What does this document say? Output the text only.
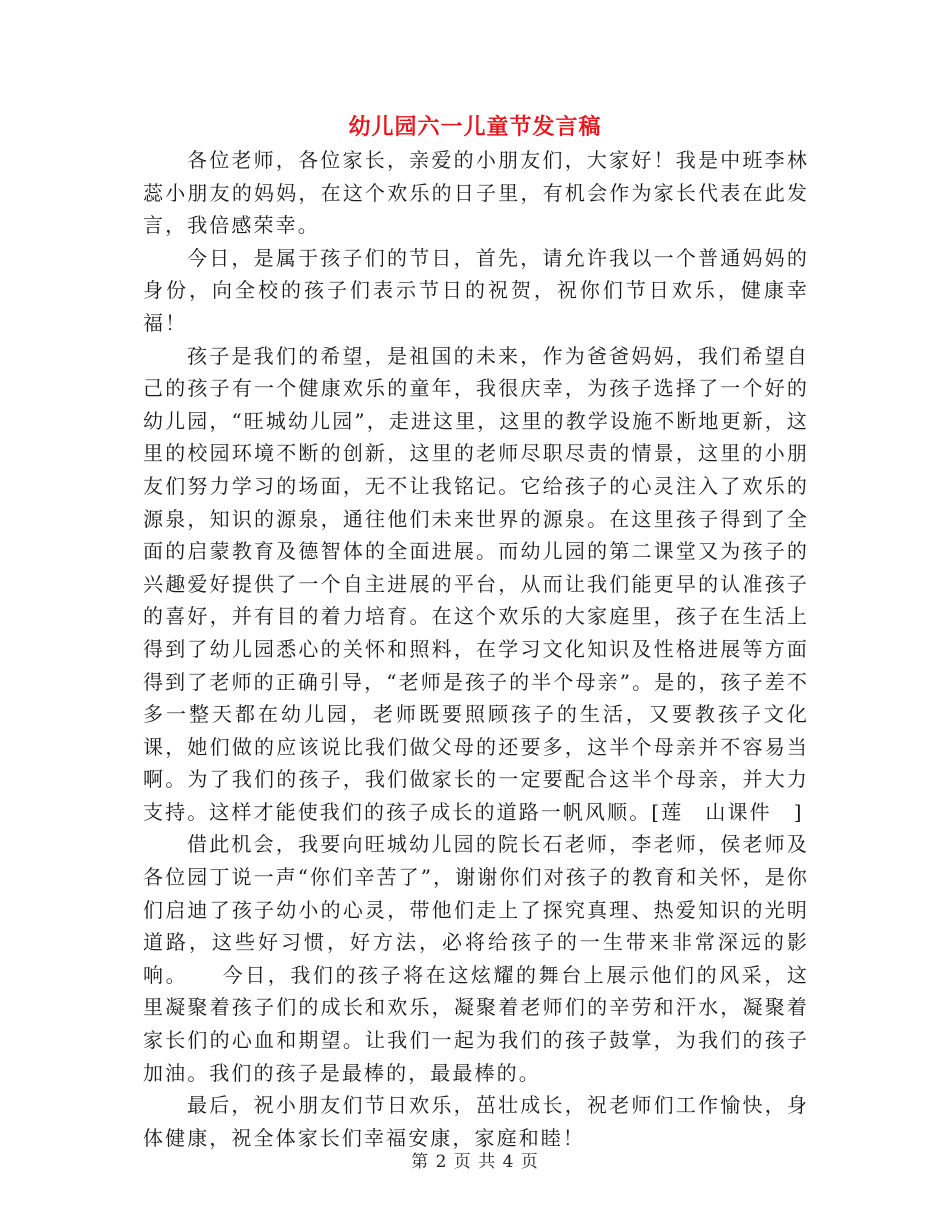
幼儿园六一儿童节发言稿

各位老师，各位家长，亲爱的小朋友们，大家好！我是中班李林蕊小朋友的妈妈，在这个欢乐的日子里，有机会作为家长代表在此发言，我倍感荣幸。

今日，是属于孩子们的节日，首先，请允许我以一个普通妈妈的身份，向全校的孩子们表示节日的祝贺，祝你们节日欢乐，健康幸福！

孩子是我们的希望，是祖国的未来，作为爸爸妈妈，我们希望自己的孩子有一个健康欢乐的童年，我很庆幸，为孩子选择了一个好的幼儿园，“旺城幼儿园”，走进这里，这里的教学设施不断地更新，这里的校园环境不断的创新，这里的老师尽职尽责的情景，这里的小朋友们努力学习的场面，无不让我铭记。它给孩子的心灵注入了欢乐的源泉，知识的源泉，通往他们未来世界的源泉。在这里孩子得到了全面的启蒙教育及德智体的全面进展。而幼儿园的第二课堂又为孩子的兴趣爱好提供了一个自主进展的平台，从而让我们能更早的认准孩子的喜好，并有目的着力培育。在这个欢乐的大家庭里，孩子在生活上得到了幼儿园悉心的关怀和照料，在学习文化知识及性格进展等方面得到了老师的正确引导，“老师是孩子的半个母亲”。是的，孩子差不多一整天都在幼儿园，老师既要照顾孩子的生活，又要教孩子文化课，她们做的应该说比我们做父母的还要多，这半个母亲并不容易当啊。为了我们的孩子，我们做家长的一定要配合这半个母亲，并大力支持。这样才能使我们的孩子成长的道路一帆风顺。[莲　山课件　]

借此机会，我要向旺城幼儿园的院长石老师，李老师，侯老师及各位园丁说一声“你们辛苦了”，谢谢你们对孩子的教育和关怀，是你们启迪了孩子幼小的心灵，带他们走上了探究真理、热爱知识的光明道路，这些好习惯，好方法，必将给孩子的一生带来非常深远的影响。 今日，我们的孩子将在这炫耀的舞台上展示他们的风采，这里凝聚着孩子们的成长和欢乐，凝聚着老师们的辛劳和汗水，凝聚着家长们的心血和期望。让我们一起为我们的孩子鼓掌，为我们的孩子加油。我们的孩子是最棒的，最最棒的。

最后，祝小朋友们节日欢乐，茁壮成长，祝老师们工作愉快，身体健康，祝全体家长们幸福安康，家庭和睦！

第 2 页 共 4 页
